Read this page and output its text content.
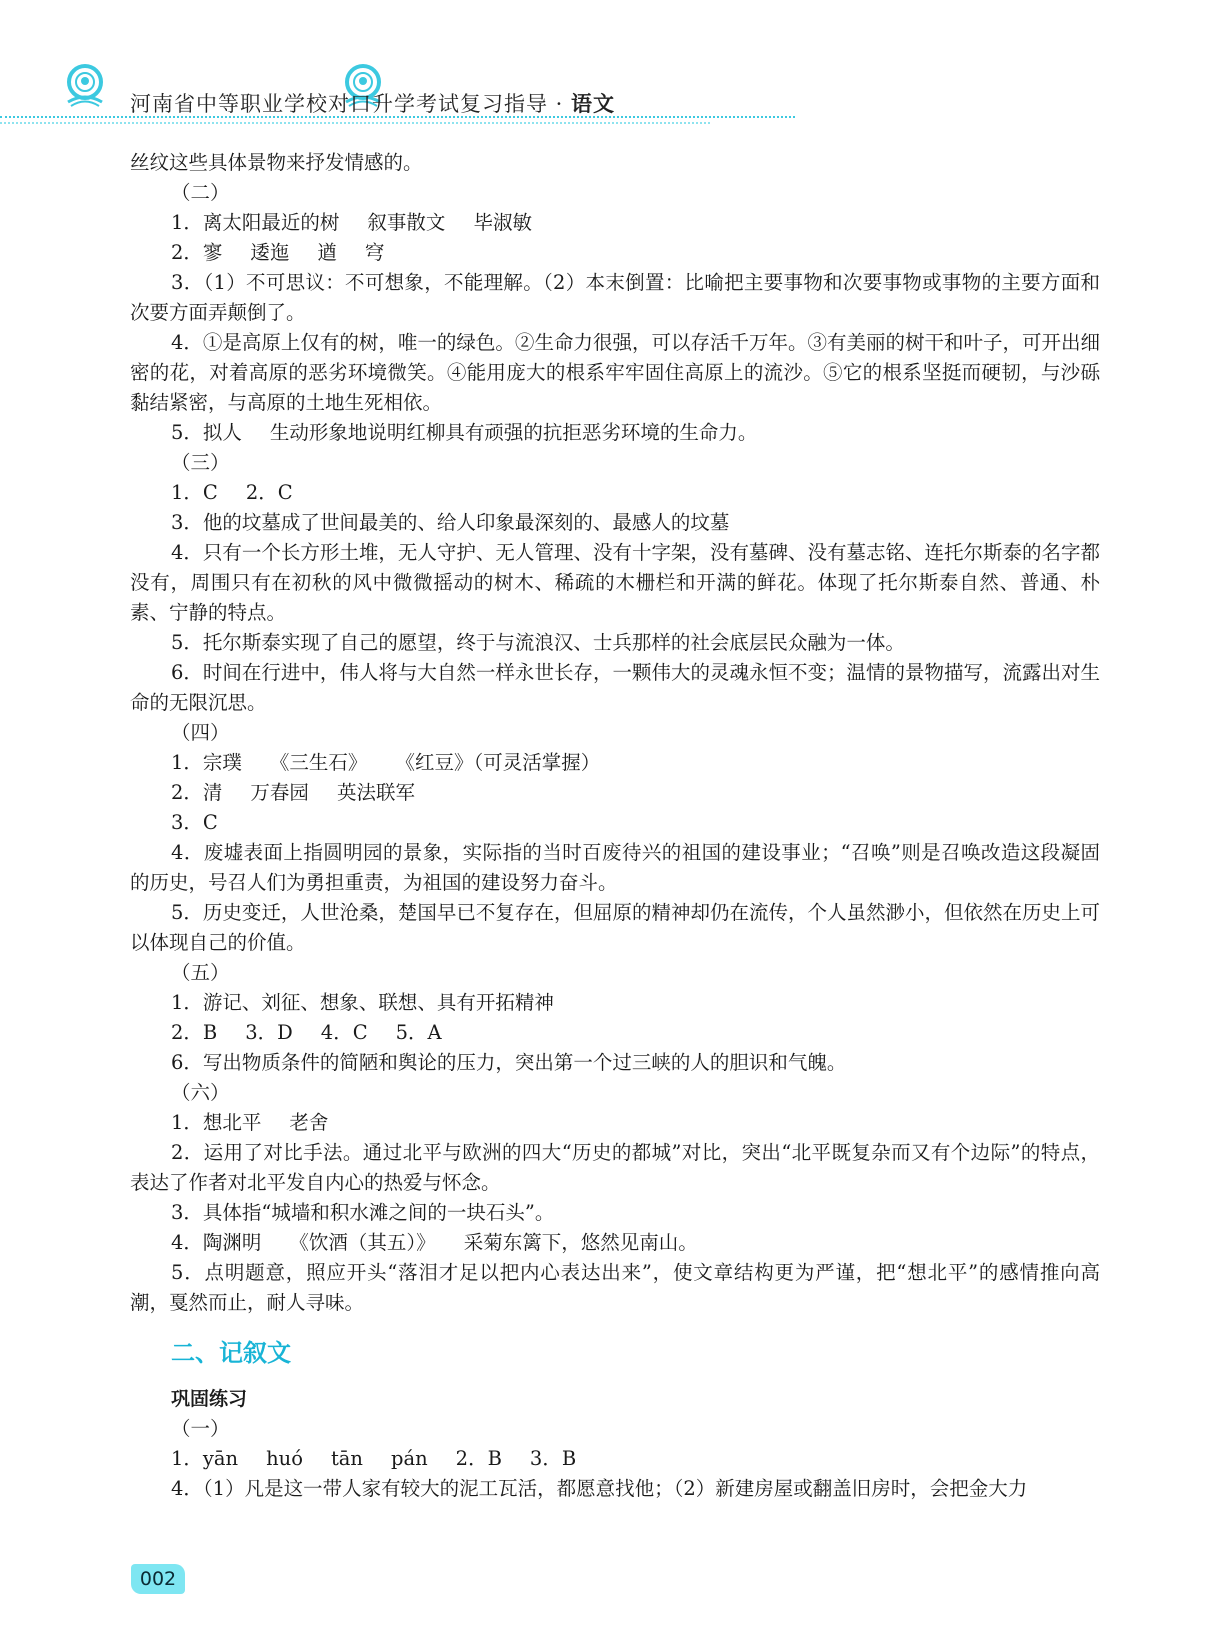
河南省中等职业学校对口升学考试复习指导 · 语文
丝纹这些具体景物来抒发情感的。
（二）
1．离太阳最近的树 叙事散文 毕淑敏
2．寥 逶迤 遒 穹
3．（1）不可思议：不可想象，不能理解。（2）本末倒置：比喻把主要事物和次要事物或事物的主要方面和次要方面弄颠倒了。
4．①是高原上仅有的树，唯一的绿色。②生命力很强，可以存活千万年。③有美丽的树干和叶子，可开出细密的花，对着高原的恶劣环境微笑。④能用庞大的根系牢牢固住高原上的流沙。⑤它的根系坚挺而硬韧，与沙砾黏结紧密，与高原的土地生死相依。
5．拟人 生动形象地说明红柳具有顽强的抗拒恶劣环境的生命力。
（三）
1．C 2．C
3．他的坟墓成了世间最美的、给人印象最深刻的、最感人的坟墓
4．只有一个长方形土堆，无人守护、无人管理、没有十字架，没有墓碑、没有墓志铭、连托尔斯泰的名字都没有，周围只有在初秋的风中微微摇动的树木、稀疏的木栅栏和开满的鲜花。体现了托尔斯泰自然、普通、朴素、宁静的特点。
5．托尔斯泰实现了自己的愿望，终于与流浪汉、士兵那样的社会底层民众融为一体。
6．时间在行进中，伟人将与大自然一样永世长存，一颗伟大的灵魂永恒不变；温情的景物描写，流露出对生命的无限沉思。
（四）
1．宗璞 《三生石》 《红豆》（可灵活掌握）
2．清 万春园 英法联军
3．C
4．废墟表面上指圆明园的景象，实际指的当时百废待兴的祖国的建设事业；“召唤”则是召唤改造这段凝固的历史，号召人们为勇担重责，为祖国的建设努力奋斗。
5．历史变迁，人世沧桑，楚国早已不复存在，但屈原的精神却仍在流传，个人虽然渺小，但依然在历史上可以体现自己的价值。
（五）
1．游记、刘征、想象、联想、具有开拓精神
2．B 3．D 4．C 5．A
6．写出物质条件的简陋和舆论的压力，突出第一个过三峡的人的胆识和气魄。
（六）
1．想北平 老舍
2．运用了对比手法。通过北平与欧洲的四大“历史的都城”对比，突出“北平既复杂而又有个边际”的特点，表达了作者对北平发自内心的热爱与怀念。
3．具体指“城墙和积水滩之间的一块石头”。
4．陶渊明 《饮酒（其五）》 采菊东篱下，悠然见南山。
5．点明题意，照应开头“落泪才足以把内心表达出来”，使文章结构更为严谨，把“想北平”的感情推向高潮，戛然而止，耐人寻味。
二、记叙文
巩固练习
（一）
1．yān huó tān pán 2．B 3．B
4．（1）凡是这一带人家有较大的泥工瓦活，都愿意找他；（2）新建房屋或翻盖旧房时，会把金大力
002
